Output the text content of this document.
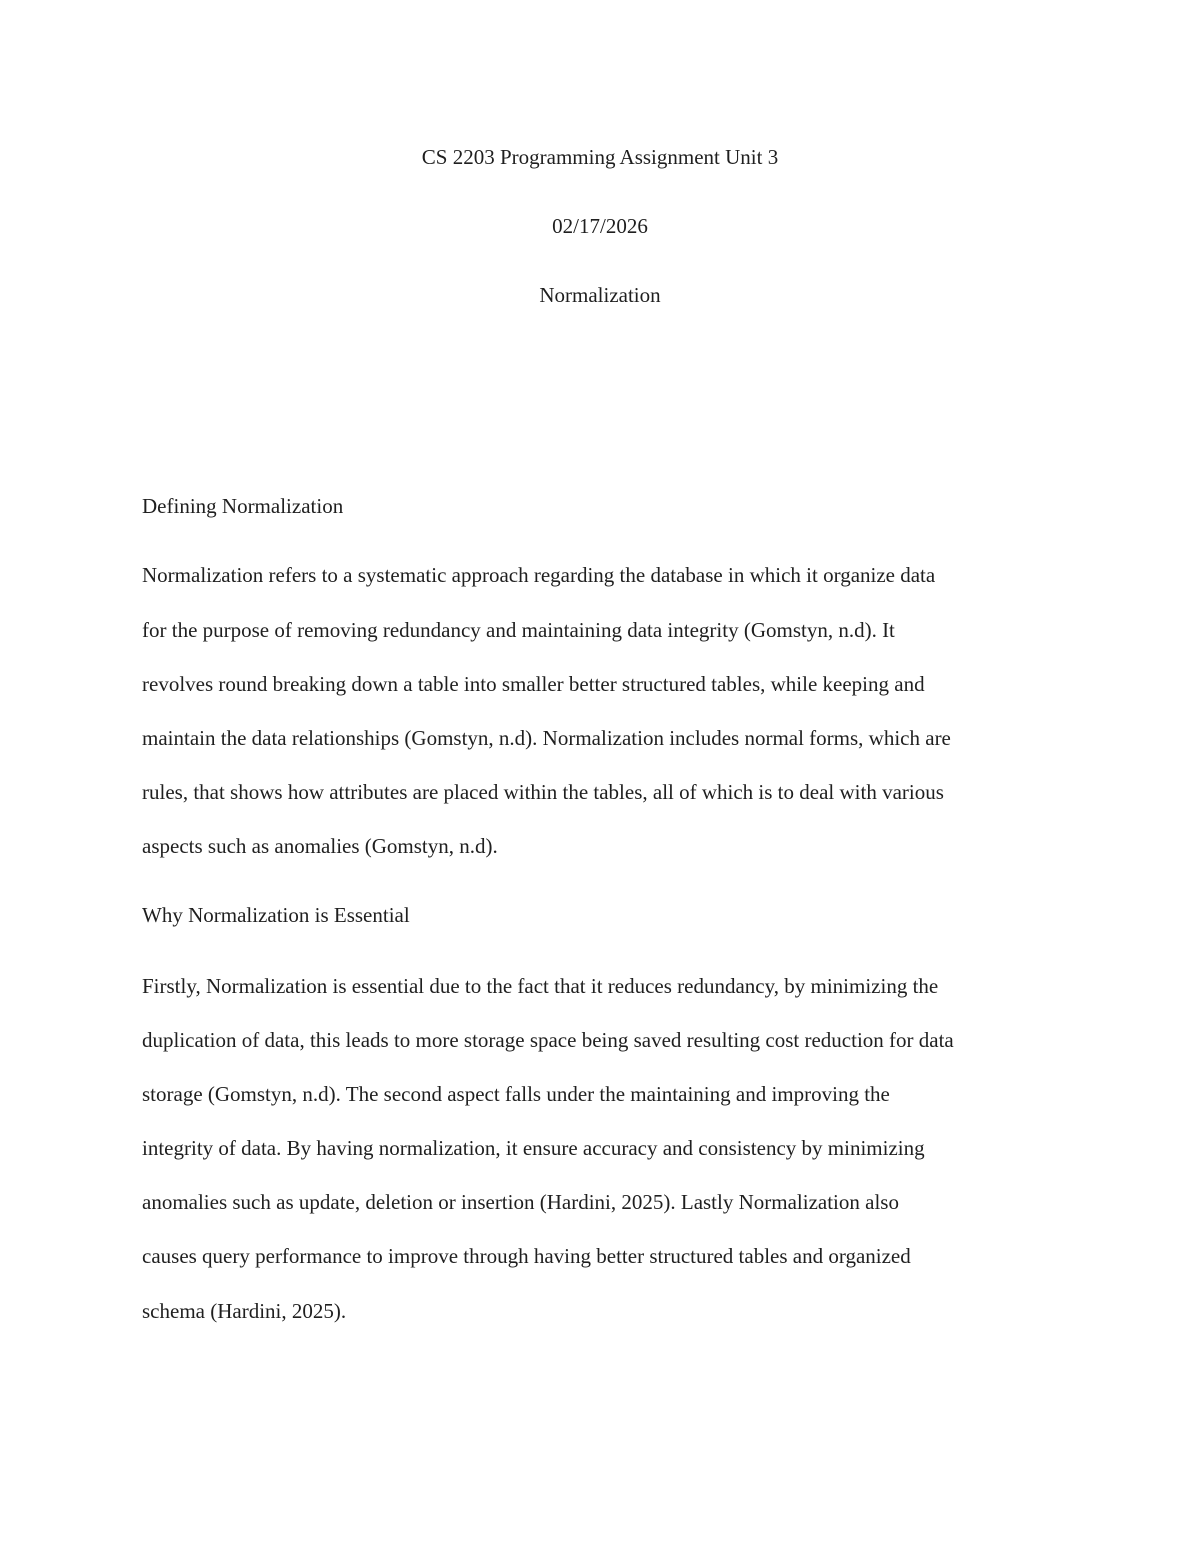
CS 2203 Programming Assignment Unit 3
02/17/2026
Normalization
Defining Normalization
Normalization refers to a systematic approach regarding the database in which it organize data
for the purpose of removing redundancy and maintaining data integrity (Gomstyn, n.d). It
revolves round breaking down a table into smaller better structured tables, while keeping and
maintain the data relationships (Gomstyn, n.d). Normalization includes normal forms, which are
rules, that shows how attributes are placed within the tables, all of which is to deal with various
aspects such as anomalies (Gomstyn, n.d).
Why Normalization is Essential
Firstly, Normalization is essential due to the fact that it reduces redundancy, by minimizing the
duplication of data, this leads to more storage space being saved resulting cost reduction for data
storage (Gomstyn, n.d). The second aspect falls under the maintaining and improving the
integrity of data. By having normalization, it ensure accuracy and consistency by minimizing
anomalies such as update, deletion or insertion (Hardini, 2025). Lastly Normalization also
causes query performance to improve through having better structured tables and organized
schema (Hardini, 2025).
